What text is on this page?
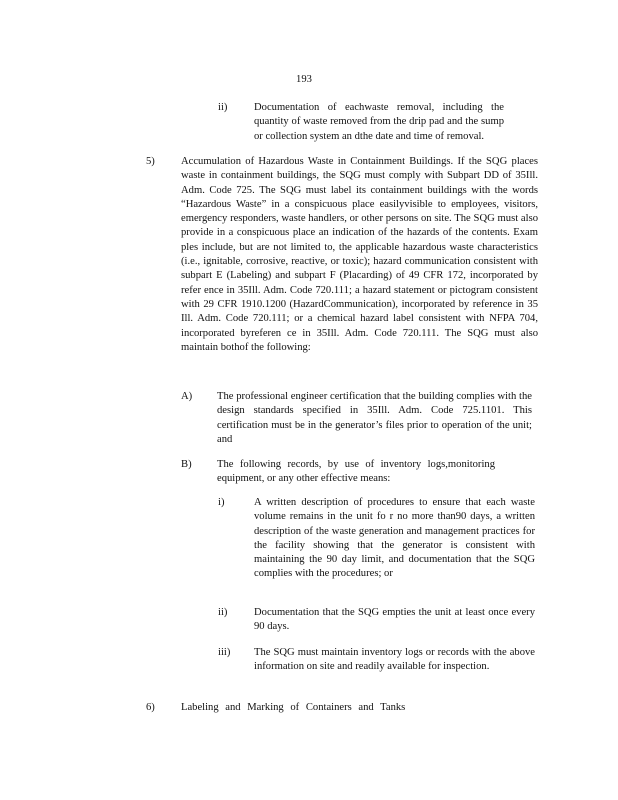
193
ii)	Documentation of eachwaste removal, including the quantity of waste removed from the drip pad and the sump or collection system an dthe date and time of removal.
5) Accumulation of Hazardous Waste in Containment Buildings. If the SQG places waste in containment buildings, the SQG must comply with Subpart DD of 35Ill. Adm. Code 725. The SQG must label its containment buildings with the words “Hazardous Waste” in a conspicuous place easilyvisible to employees, visitors, emergency responders, waste handlers, or other persons on site. The SQG must also provide in a conspicuous place an indication of the hazards of the contents. Exam ples include, but are not limited to, the applicable hazardous waste characteristics (i.e., ignitable, corrosive, reactive, or toxic); hazard communication consistent with subpart E (Labeling) and subpart F (Placarding) of 49 CFR 172, incorporated by refer ence in 35Ill. Adm. Code 720.111; a hazard statement or pictogram consistent with 29 CFR 1910.1200 (HazardCommunication), incorporated by reference in 35 Ill. Adm. Code 720.111; or a chemical hazard label consistent with NFPA 704, incorporated byreferen ce in 35Ill. Adm. Code 720.111. The SQG must also maintain bothof the following:
A) The professional engineer certification that the building complies with the design standards specified in 35Ill. Adm. Code 725.1101. This certification must be in the generator’s files prior to operation of the unit; and
B) The following records, by use of inventory logs,monitoring equipment, or any other effective means:
i)	A written description of procedures to ensure that each waste volume remains in the unit fo r no more than90 days, a written description of the waste generation and management practices for the facility showing that the generator is consistent with maintaining the 90 day limit, and documentation that the SQG complies with the procedures; or
ii)	Documentation that the SQG empties the unit at least once every 90 days.
iii) The SQG must maintain inventory logs or records with the above information on site and readily available for inspection.
6) Labeling and Marking of Containers and Tanks
